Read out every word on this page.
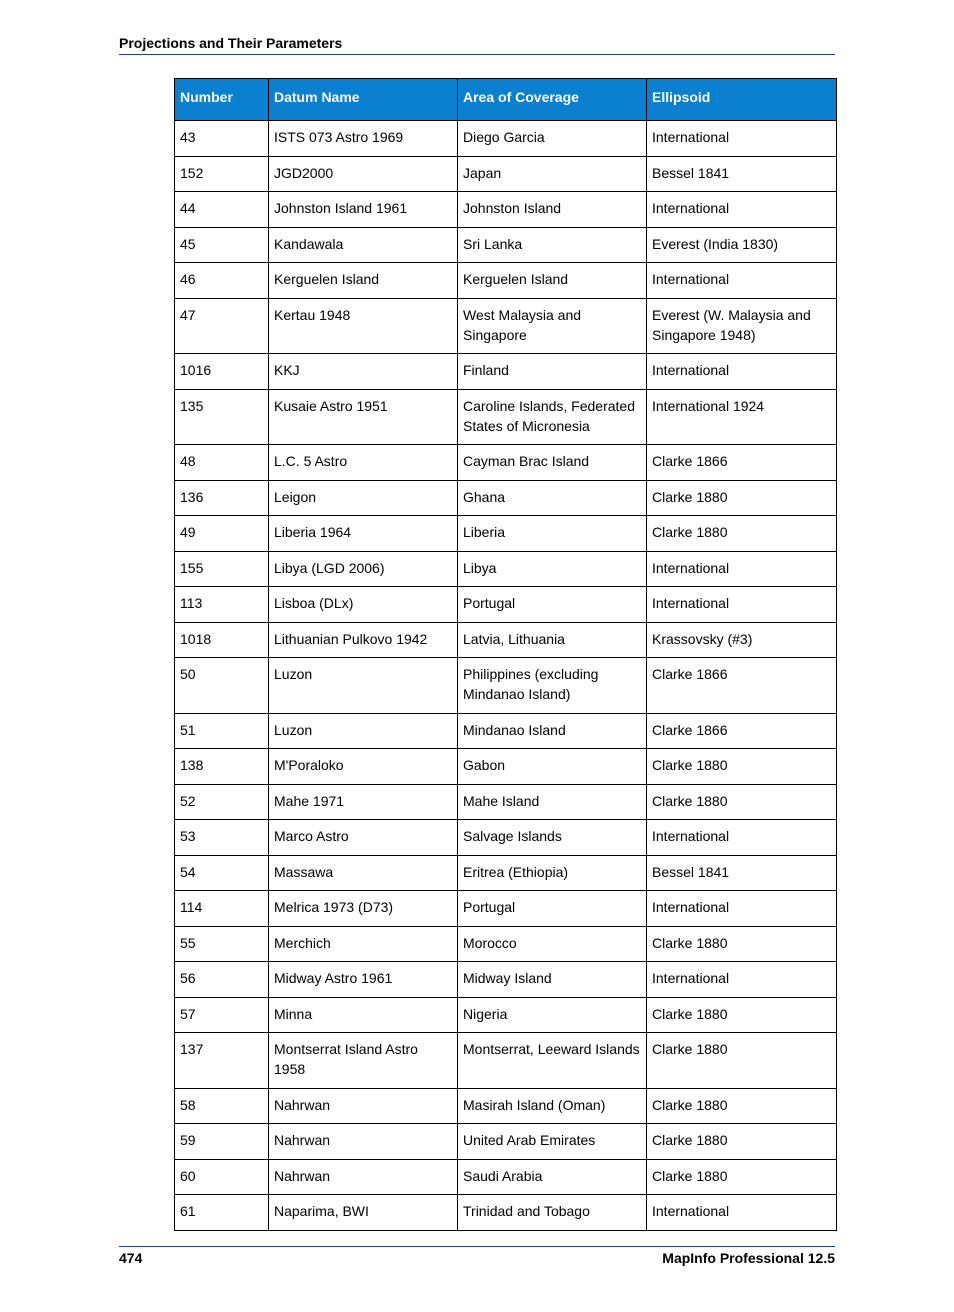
Projections and Their Parameters
Number	Datum Name	Area of Coverage	Ellipsoid
43	ISTS 073 Astro 1969	Diego Garcia	International
152	JGD2000	Japan	Bessel 1841
44	Johnston Island 1961	Johnston Island	International
45	Kandawala	Sri Lanka	Everest (India 1830)
46	Kerguelen Island	Kerguelen Island	International
47	Kertau 1948	West Malaysia and Singapore	Everest (W. Malaysia and Singapore 1948)
1016	KKJ	Finland	International
135	Kusaie Astro 1951	Caroline Islands, Federated States of Micronesia	International 1924
48	L.C. 5 Astro	Cayman Brac Island	Clarke 1866
136	Leigon	Ghana	Clarke 1880
49	Liberia 1964	Liberia	Clarke 1880
155	Libya (LGD 2006)	Libya	International
113	Lisboa (DLx)	Portugal	International
1018	Lithuanian Pulkovo 1942	Latvia, Lithuania	Krassovsky (#3)
50	Luzon	Philippines (excluding Mindanao Island)	Clarke 1866
51	Luzon	Mindanao Island	Clarke 1866
138	M'Poraloko	Gabon	Clarke 1880
52	Mahe 1971	Mahe Island	Clarke 1880
53	Marco Astro	Salvage Islands	International
54	Massawa	Eritrea (Ethiopia)	Bessel 1841
114	Melrica 1973 (D73)	Portugal	International
55	Merchich	Morocco	Clarke 1880
56	Midway Astro 1961	Midway Island	International
57	Minna	Nigeria	Clarke 1880
137	Montserrat Island Astro 1958	Montserrat, Leeward Islands	Clarke 1880
58	Nahrwan	Masirah Island (Oman)	Clarke 1880
59	Nahrwan	United Arab Emirates	Clarke 1880
60	Nahrwan	Saudi Arabia	Clarke 1880
61	Naparima, BWI	Trinidad and Tobago	International
474	MapInfo Professional 12.5
